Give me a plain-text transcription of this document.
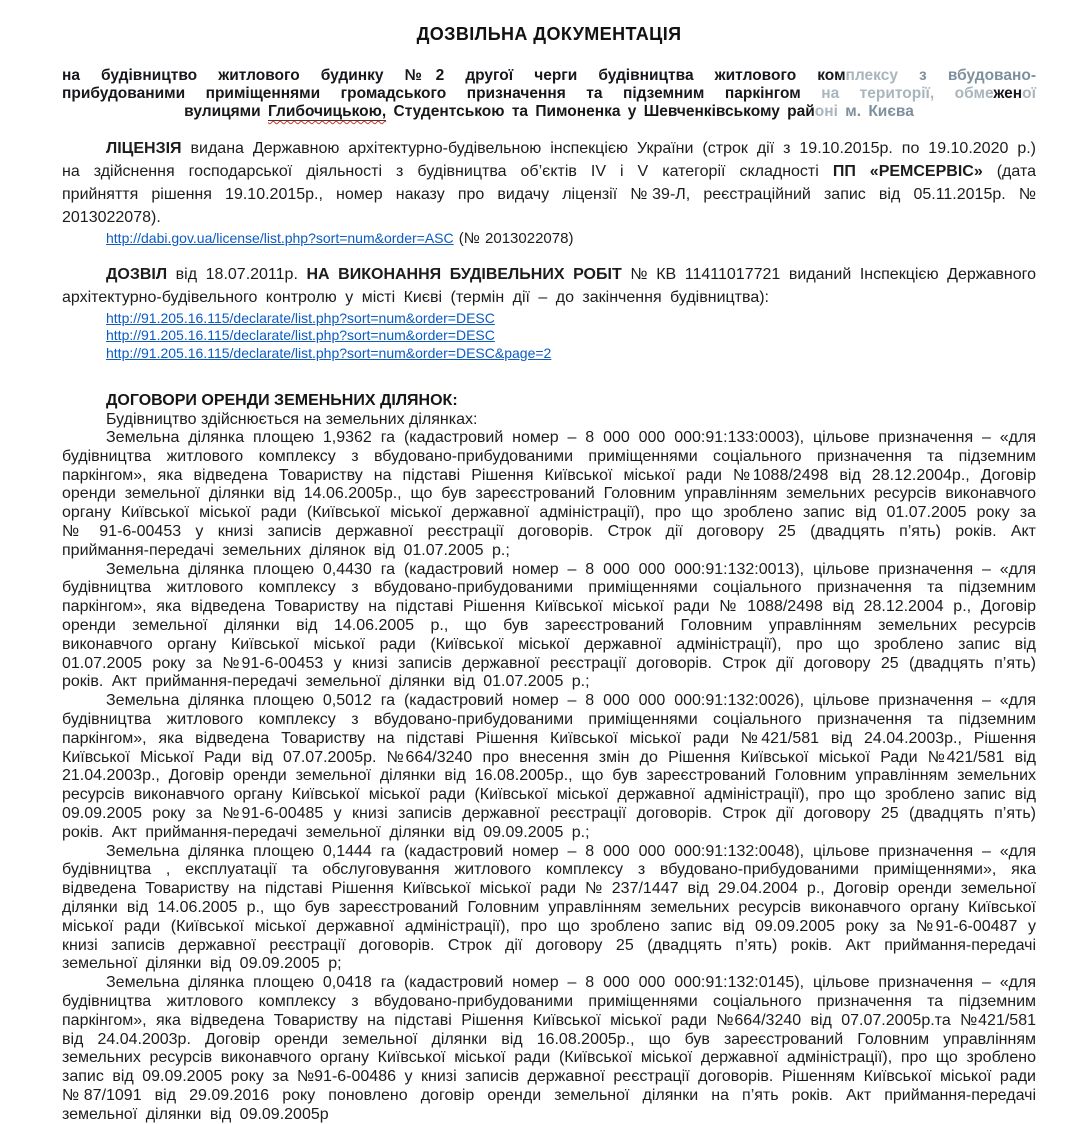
ДОЗВІЛЬНА ДОКУМЕНТАЦІЯ
на будівництво житлового будинку №2 другої черги будівництва житлового комплексу з вбудовано-
прибудованими приміщеннями громадського призначення та підземним паркінгом на території, обмеженої
вулицями Глибочицькою, Студентською та Пимоненка у Шевченківському районі м. Києва

ЛІЦЕНЗІЯ видана Державною архітектурно-будівельною інспекцією України (строк дії з 19.10.2015р. по 19.10.2020 р.) на здійснення господарської діяльності з будівництва об’єктів IV і V категорії складності ПП «РЕМСЕРВІС» (дата прийняття рішення 19.10.2015р., номер наказу про видачу ліцензії №39-Л, реєстраційний запис від 05.11.2015р. № 2013022078).

http://dabi.gov.ua/license/list.php?sort=num&order=ASC (№ 2013022078)

ДОЗВІЛ від 18.07.2011р. НА ВИКОНАННЯ БУДІВЕЛЬНИХ РОБІТ № КВ 11411017721 виданий Інспекцією Державного архітектурно-будівельного контролю у місті Києві (термін дії – до закінчення будівництва):

http://91.205.16.115/declarate/list.php?sort=num&order=DESC
http://91.205.16.115/declarate/list.php?sort=num&order=DESC
http://91.205.16.115/declarate/list.php?sort=num&order=DESC&page=2
ДОГОВОРИ ОРЕНДИ ЗЕМЕНЬНИХ ДІЛЯНОК:

Будівництво здійснюється на земельних ділянках:

Земельна ділянка площею 1,9362 га (кадастровий номер – 8 000 000 000:91:133:0003), цільове призначення – «для будівництва житлового комплексу з вбудовано-прибудованими приміщеннями соціального призначення та підземним паркінгом», яка відведена Товариству на підставі Рішення Київської міської ради №1088/2498 від 28.12.2004р., Договір оренди земельної ділянки від 14.06.2005р., що був зареєстрований Головним управлінням земельних ресурсів виконавчого органу Київської міської ради (Київської міської державної адміністрації), про що зроблено запис від 01.07.2005 року за № 91-6-00453 у книзі записів державної реєстрації договорів. Строк дії договору 25 (двадцять п’ять) років. Акт приймання-передачі земельних ділянок від 01.07.2005 р.;

Земельна ділянка площею 0,4430 га (кадастровий номер – 8 000 000 000:91:132:0013), цільове призначення – «для будівництва житлового комплексу з вбудовано-прибудованими приміщеннями соціального призначення та підземним паркінгом», яка відведена Товариству на підставі Рішення Київської міської ради № 1088/2498 від 28.12.2004 р., Договір оренди земельної ділянки від 14.06.2005 р., що був зареєстрований Головним управлінням земельних ресурсів виконавчого органу Київської міської ради (Київської міської державної адміністрації), про що зроблено запис від 01.07.2005 року за №91-6-00453 у книзі записів державної реєстрації договорів. Строк дії договору 25 (двадцять п’ять) років. Акт приймання-передачі земельної ділянки від 01.07.2005 р.;

Земельна ділянка площею 0,5012 га (кадастровий номер – 8 000 000 000:91:132:0026), цільове призначення – «для будівництва житлового комплексу з вбудовано-прибудованими приміщеннями соціального призначення та підземним паркінгом», яка відведена Товариству на підставі Рішення Київської міської ради №421/581 від 24.04.2003р., Рішення Київської Міської Ради від 07.07.2005р. №664/3240 про внесення змін до Рішення Київської міської Ради №421/581 від 21.04.2003р., Договір оренди земельної ділянки від 16.08.2005р., що був зареєстрований Головним управлінням земельних ресурсів виконавчого органу Київської міської ради (Київської міської державної адміністрації), про що зроблено запис від 09.09.2005 року за №91-6-00485 у книзі записів державної реєстрації договорів. Строк дії договору 25 (двадцять п’ять) років. Акт приймання-передачі земельної ділянки від 09.09.2005 р.;

Земельна ділянка площею 0,1444 га (кадастровий номер – 8 000 000 000:91:132:0048), цільове призначення – «для будівництва , експлуатації та обслуговування житлового комплексу з вбудовано-прибудованими приміщеннями», яка відведена Товариству на підставі Рішення Київської міської ради № 237/1447 від 29.04.2004 р., Договір оренди земельної ділянки від 14.06.2005 р., що був зареєстрований Головним управлінням земельних ресурсів виконавчого органу Київської міської ради (Київської міської державної адміністрації), про що зроблено запис від 09.09.2005 року за №91-6-00487 у книзі записів державної реєстрації договорів. Строк дії договору 25 (двадцять п’ять) років. Акт приймання-передачі земельної ділянки від 09.09.2005 р;

Земельна ділянка площею 0,0418 га (кадастровий номер – 8 000 000 000:91:132:0145), цільове призначення – «для будівництва житлового комплексу з вбудовано-прибудованими приміщеннями соціального призначення та підземним паркінгом», яка відведена Товариству на підставі Рішення Київської міської ради №664/3240 від 07.07.2005р.та №421/581 від 24.04.2003р. Договір оренди земельної ділянки від 16.08.2005р., що був зареєстрований Головним управлінням земельних ресурсів виконавчого органу Київської міської ради (Київської міської державної адміністрації), про що зроблено запис від 09.09.2005 року за №91-6-00486 у книзі записів державної реєстрації договорів. Рішенням Київської міської ради №87/1091 від 29.09.2016 року поновлено договір оренди земельної ділянки на п’ять років. Акт приймання-передачі земельної ділянки від 09.09.2005р
